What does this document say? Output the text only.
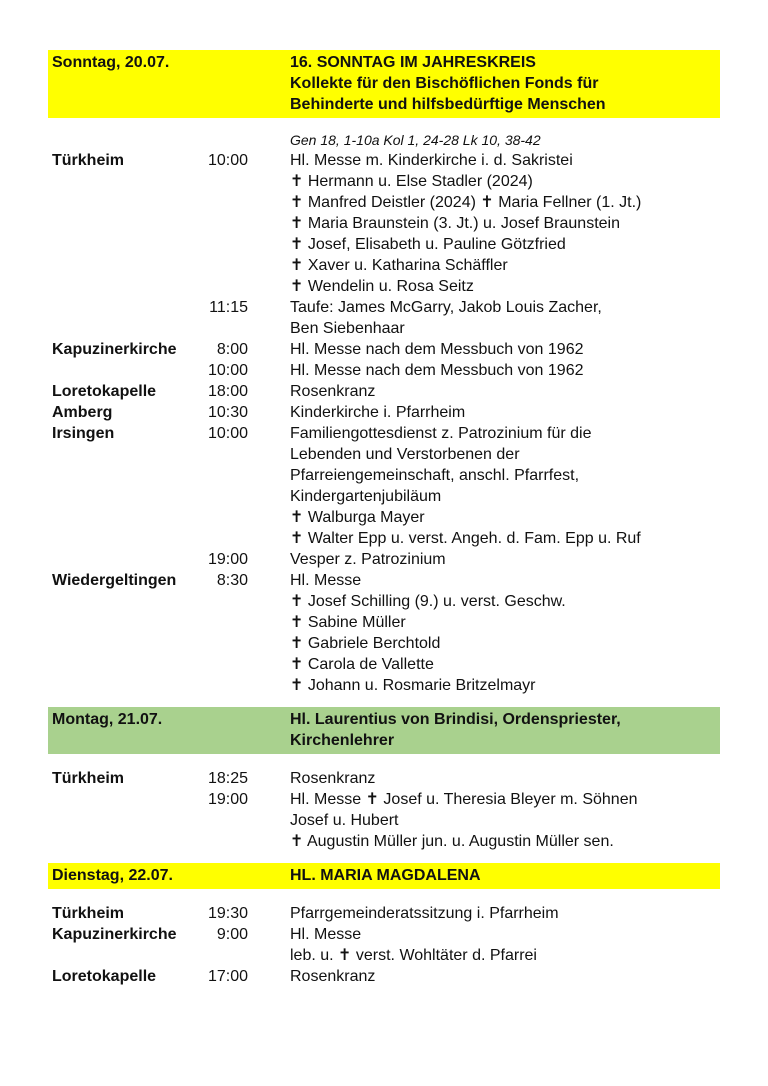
Sonntag, 20.07.	16. SONNTAG IM JAHRESKREIS
Kollekte für den Bischöflichen Fonds für
Behinderte und hilfsbedürftige Menschen
Gen 18, 1-10a Kol 1, 24-28 Lk 10, 38-42
Türkheim	10:00	Hl. Messe m. Kinderkirche i. d. Sakristei
✝ Hermann u. Else Stadler (2024)
✝ Manfred Deistler (2024) ✝ Maria Fellner (1. Jt.)
✝ Maria Braunstein (3. Jt.) u. Josef Braunstein
✝ Josef, Elisabeth u. Pauline Götzfried
✝ Xaver u. Katharina Schäffler
✝ Wendelin u. Rosa Seitz
11:15	Taufe: James McGarry, Jakob Louis Zacher,
Ben Siebenhaar
Kapuzinerkirche	8:00	Hl. Messe nach dem Messbuch von 1962
10:00	Hl. Messe nach dem Messbuch von 1962
Loretokapelle	18:00	Rosenkranz
Amberg	10:30	Kinderkirche i. Pfarrheim
Irsingen	10:00	Familiengottesdienst z. Patrozinium für die
Lebenden und Verstorbenen der
Pfarreiengemeinschaft, anschl. Pfarrfest,
Kindergartenjubiläum
✝ Walburga Mayer
✝ Walter Epp u. verst. Angeh. d. Fam. Epp u. Ruf
19:00	Vesper z. Patrozinium
Wiedergeltingen	8:30	Hl. Messe
✝ Josef Schilling (9.) u. verst. Geschw.
✝ Sabine Müller
✝ Gabriele Berchtold
✝ Carola de Vallette
✝ Johann u. Rosmarie Britzelmayr
Montag, 21.07.	Hl. Laurentius von Brindisi, Ordenspriester,
Kirchenlehrer
Türkheim	18:25	Rosenkranz
19:00	Hl. Messe ✝ Josef u. Theresia Bleyer m. Söhnen
Josef u. Hubert
✝ Augustin Müller jun. u. Augustin Müller sen.
Dienstag, 22.07.	HL. MARIA MAGDALENA
Türkheim	19:30	Pfarrgemeinderatssitzung i. Pfarrheim
Kapuzinerkirche	9:00	Hl. Messe
leb. u. ✝ verst. Wohltäter d. Pfarrei
Loretokapelle	17:00	Rosenkranz
